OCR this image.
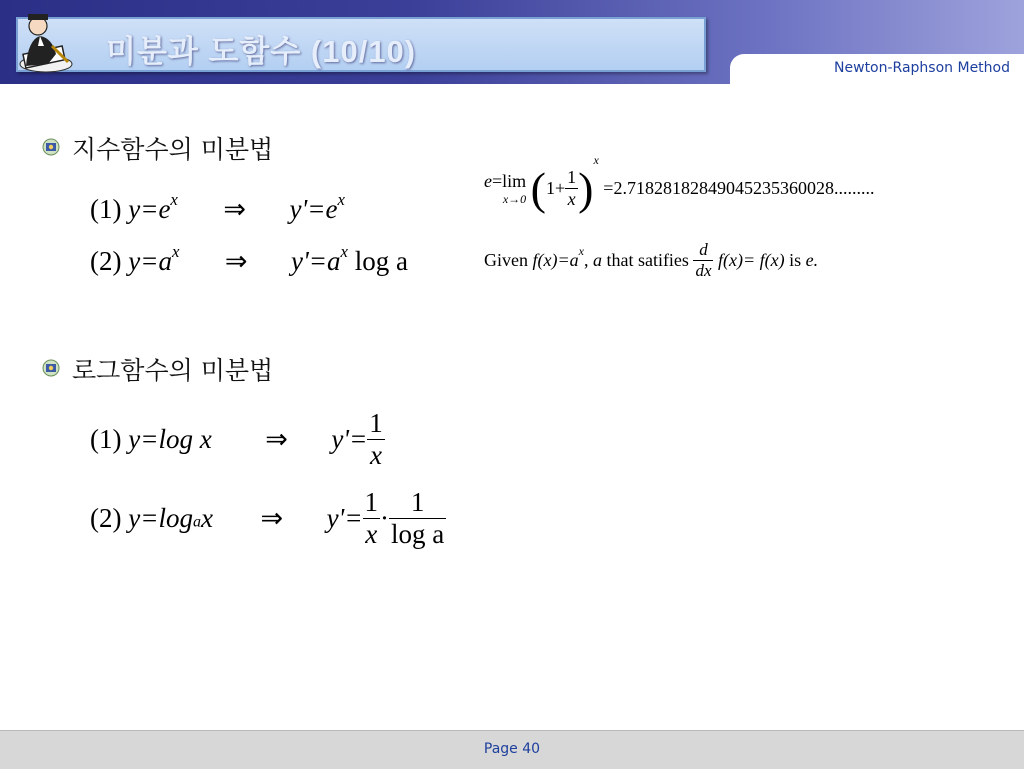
미분과 도함수 (10/10)	Newton-Raphson Method
지수함수의 미분법
(1) $y=e^x$ ⇒ $y'=e^x$
(2) $y=a^x$ ⇒ $y'=a^x$ log a
e=lim
x→0 $(1+ \frac{1}{x} )^x =2.71828182849045235360028$.........
Given $f(x)=a^x$, a that satifies $\frac{d}{dx} f(x)= f(x)$ is e.
로그함수의 미분법
(1) y=log x ⇒ $y'= \frac{1}{x}$
(2) $y=\log_ax$ ⇒ $y'= \frac{1}{x} \cdot \frac{1}{\text{log a}}$
Page 40
